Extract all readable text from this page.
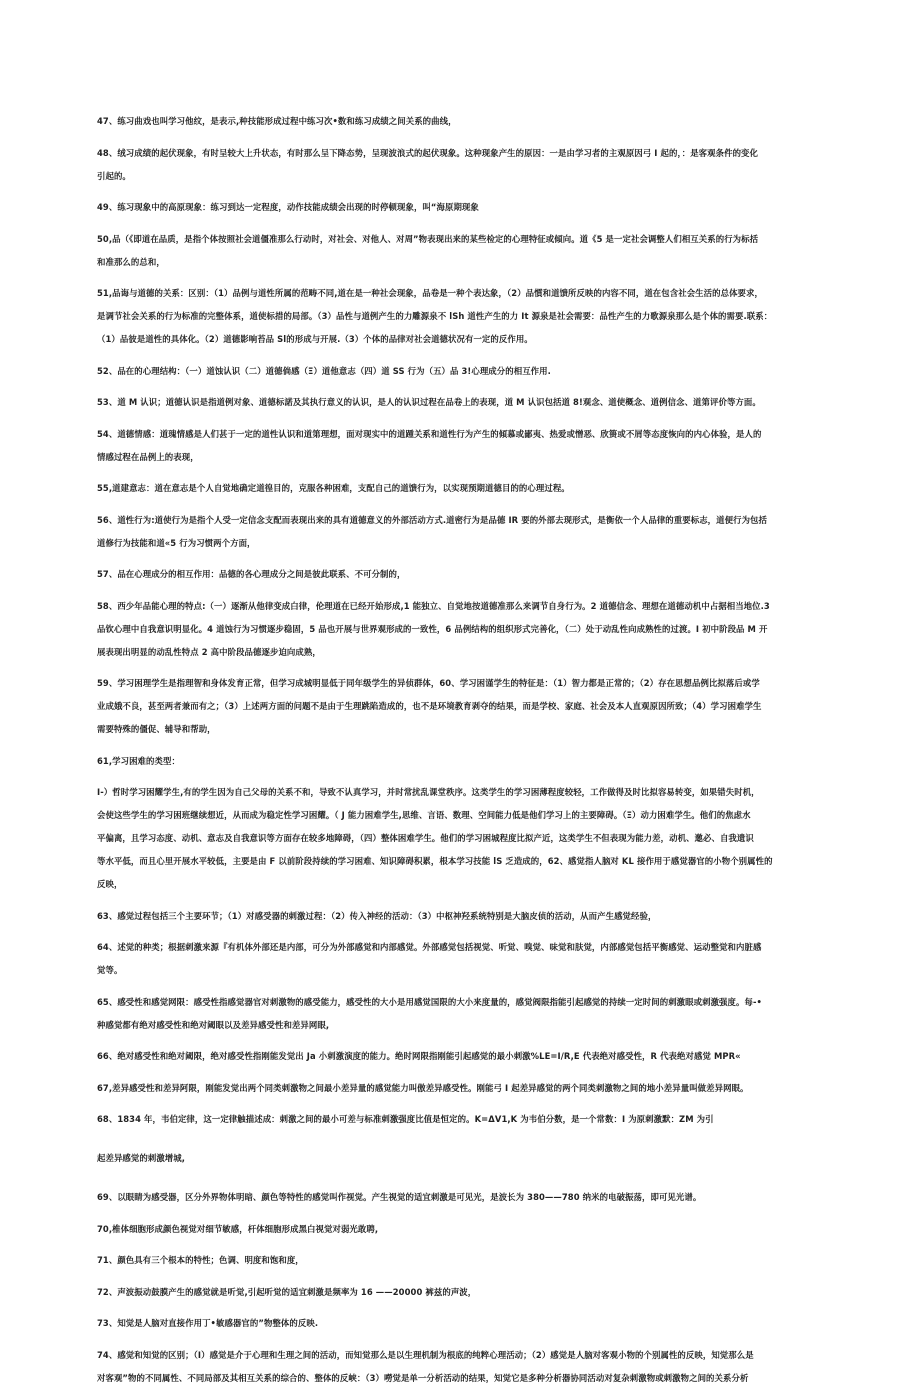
47、练习曲戏也叫学习他纹，是表示,种技能形成过程中练习次•数和练习成绩之间关系的曲线，
48、绒习成绩的起伏现象，有时呈较大上升状态，有时那么呈下降态势，呈现波浪式的起伏现象。这种现象产生的原因：一是由学习者的主观原因弓 I 起的，：是客观条件的变化
引起的。
49、练习现象中的高原现象：练习到达一定程度，动作技能成绩会出现的时停顿现象，叫“海原期现象
50,品（《即道在品质，是指个体按照社会道僵准那么行动时，对社会、对他人、对周”物表现出来的某些检定的心理特征或傾向。道《5 是一定社会调整人们相互关系的行为标括
和准那么的总和，
51,品诲与道德的关系：区别：（1）品例与道性所属的范畴不同,道在是一种社会现象，品卷是一种个表达象，（2）品慣和道馈所反映的内容不同，道在包含社会生活的总体要求，
是调节社会关系的行为标准的完整体系，道使标措的局部。（3）品性与道例产生的力雕源泉不 lSh 道性产生的力 It 源泉是社会需要：品性产生的力歌源泉那么是个体的需要.联系：
（1）品彼是道性的具体化。（2）道德影响苔品 Sl的形成与开展.（3）个体的品律对社会道德状况有一定的反作用。
52、品在的心理结构：（一）道蚀认识（二）道德倘感（Ξ）道他意志（四）道 SS 行为（五）品 3!心理成分的相互作用.
53、道 M 认识；道德认识是指道例对象、道德标諾及其执行意义的认识，是人的认识过程在品卷上的表现，道 M 认识包括道 8!观念、道使概念、道例信念、道第评价等方面。
54、道德情感：道瑰情感是人们甚于一定的道性认识和道第理想，面对现实中的道踵关系和道性行为产生的傾慕或鄙夷、热爱或憎恶、欣篑或不屑等态度恢向的内心体验，是人的
情感过程在品例上的表现，
55,道建意志：道在意志是个人自觉地确定道徨目的，克服各种困难，支配自己的道馈行为，以实现预期道德目的的心理过程。
56、道性行为:道使行为是指个人受一定信念支配而表现出来的具有道德意义的外部活动方式.道密行为是品德 IR 要的外部去现形式，是衡依一个人品律的重要标志，道便行为包括
道修行为技能和道«5 行为习惯两个方面，
57、品在心理成分的相互作用：品德的各心理成分之间是彼此联系、不可分制的，
58、西少年品能心理的特点:（一）逐渐从他律变成白律，伦理道在已经开始形成,1 能独立、自觉地按道德准那么来调节自身行为。2 道德信念、理想在道德动机中占据相当地位.3
品钦心理中自我意识明显化。4 道蚀行为习惯逐步稳固，5 品也开展与世界观形成的一致性，6 品例结构的组织形式完善化，（二）处于动乱性向成熟性的过渡。I 初中阶段品 M 开
展表现出明显的动乱性特点 2 高中阶段品德逐步迫向成熟，
59、学习困理学生是指理智和身体发育正常，但学习成城明显低于同年级学生的异侦群体，60、学习困谨学生的特征是：（1）智力都是正常的；（2）存在思想品例比拟落后或学
业成娥不良，甚至两者兼而有之；（3）上述两方面的问题不是由于生理跳陷造成的，也不是环境教育剥夺的结果，而是学校、家庭、社会及本人直观原因所致；（4）学习困难学生
需要特殊的僵促、辅导和帮助，
61,学习困难的类型：
I-）哲时学习困耀学生,有的学生因为自己父母的关系不和，导致不认真学习，并时常扰乱课堂秩序。这类学生的学习困薄程度较轻，工作做得及时比拟容易转变，如果错失时机，
会使这些学生的学习困班继续想近，从而成为稳定性学习困耀。（ J 能力困难学生,思维、言语、数理、空间能力低是他们学习上的主要障碍。（Ξ）动力困难学生。他们的焦虑水
平偏离，且学习态度、动机、意志及自我意识等方面存在较多地障碍，（四）整体困难学生。他们的学习困城程度比拟产近，这类学生不但表现为能力差，动机、邀必、自我遗识
等水平低，而且心里开展水平较低，主要是由 F 以前阶段持续的学习困难、知识障碍积累，根本学习技能 lS 乏造成的，62、感觉指人脑对 KL 接作用于感觉器官的小物个别属性的
反映，
63、感觉过程包括三个主要环节；（1）对感受器的刺激过程：（2）传入神经的活动：（3）中枢神羟系统特别是大脑皮侦的活动，从而产生感觉经验，
64、述觉的种类；根据刺激来源『有机体外部还是内部，可分为外部感觉和内部感觉。外部感觉包括视觉、听觉、嗅觉、味觉和肤觉，内部感觉包括平衡感觉、运动整觉和内脏感
觉等。
65、感受性和感觉网限：感受性指感觉器官对刺激物的感受能力，感受性的大小是用感觉国限的大小来度量的，感觉阀限指能引起感觉的持续一定时间的刺激眼或刺激强度。每-•
种感觉都有绝对感受性和绝对阈眼以及差异感受性和差异网眼,
66、绝对感受性和绝对阈限，绝对感受性指刚能发觉出 Ja 小刺激演度的能力。绝时网限指刚能引起感觉的最小刺激%LE=I/R,E 代表绝对感受性，R 代表绝对感觉 MPR«
67,差异感受性和差异阿限，刚能发觉出两个同类刺激物之间最小差异量的感觉能力叫傲差异感受性。刚能弓 I 起差异感觉的两个同类刺激物之间的地小差异量叫做差异网眼。
68、1834 年，韦伯定律，这一定律触描述成：刺激之间的最小可差与标准刺激强度比值是恒定的。K=ΔV1,K 为韦伯分数，是一个常数：I 为原刺激默：ZM 为引
起差异感觉的刺激增城,
69、以眼睛为感受器，区分外界物体明暗、颜色等特性的感觉叫作视觉。产生视觉的适宜刺激是可见光，是波长为 380——780 纳米的电破振荡，即可见光谱。
70,椎体细胞形成颜色视觉对细节敏感，杆体细胞形成黑白视觉对弱光敢聘,
71、颜色具有三个根本的特性；色调、明度和饱和度，
72、声波振动鼓膜产生的感觉就是听觉,引起听觉的适宜刺激是频率为 16 ——20000 裤兹的声波，
73、知觉是人脑对直接作用丁•敏感器官的”物整体的反映.
74、感觉和知觉的区别；（I）感觉是介于心理和生理之间的活动，而知觉那么是以生理机制为根底的纯粹心理活动；（2）感觉是人脑对客观小物的个别属性的反映，知觉那么是
对客观”物的不同属性、不同局部及其相互关系的综合的、整体的反峡：（3）嘮觉是单一分析活动的结果，知觉它是多种分析器协同活动对复杂刺激物或刺激物之间的关系分析
